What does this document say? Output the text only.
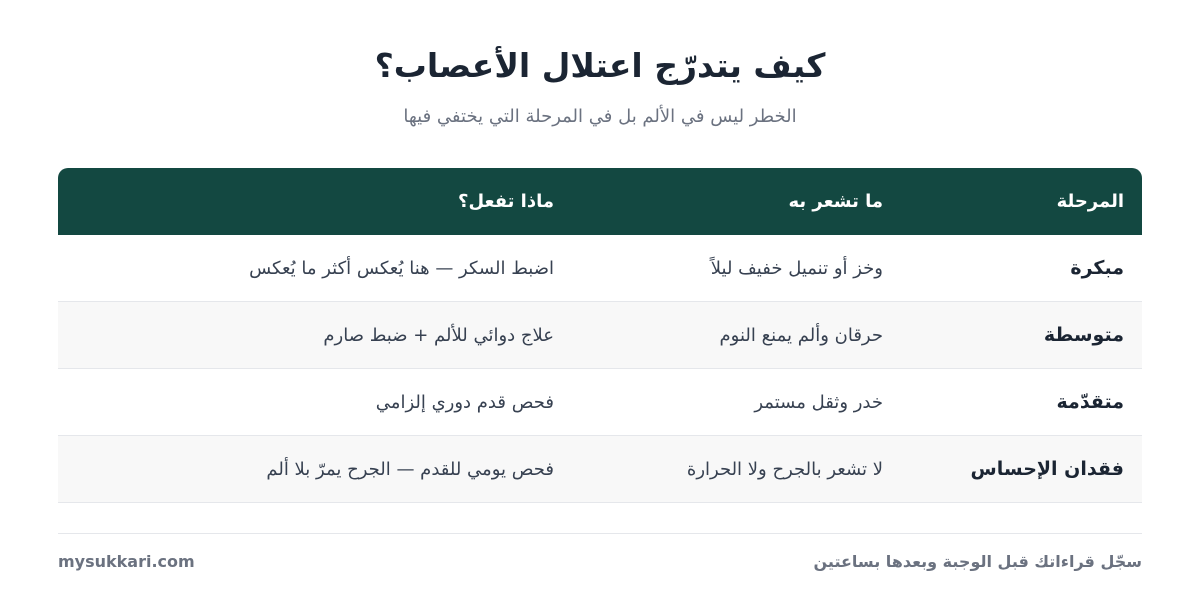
كيف يتدرّج اعتلال الأعصاب؟

الخطر ليس في الألم بل في المرحلة التي يختفي فيها

المرحلة
ما تشعر به
ماذا تفعل؟
مبكرة
وخز أو تنميل خفيف ليلاً
اضبط السكر — هنا يُعكس أكثر ما يُعكس
متوسطة
حرقان وألم يمنع النوم
علاج دوائي للألم + ضبط صارم
متقدّمة
خدر وثقل مستمر
فحص قدم دوري إلزامي
فقدان الإحساس
لا تشعر بالجرح ولا الحرارة
فحص يومي للقدم — الجرح يمرّ بلا ألم
سجّل قراءاتك قبل الوجبة وبعدها بساعتين
mysukkari.com
